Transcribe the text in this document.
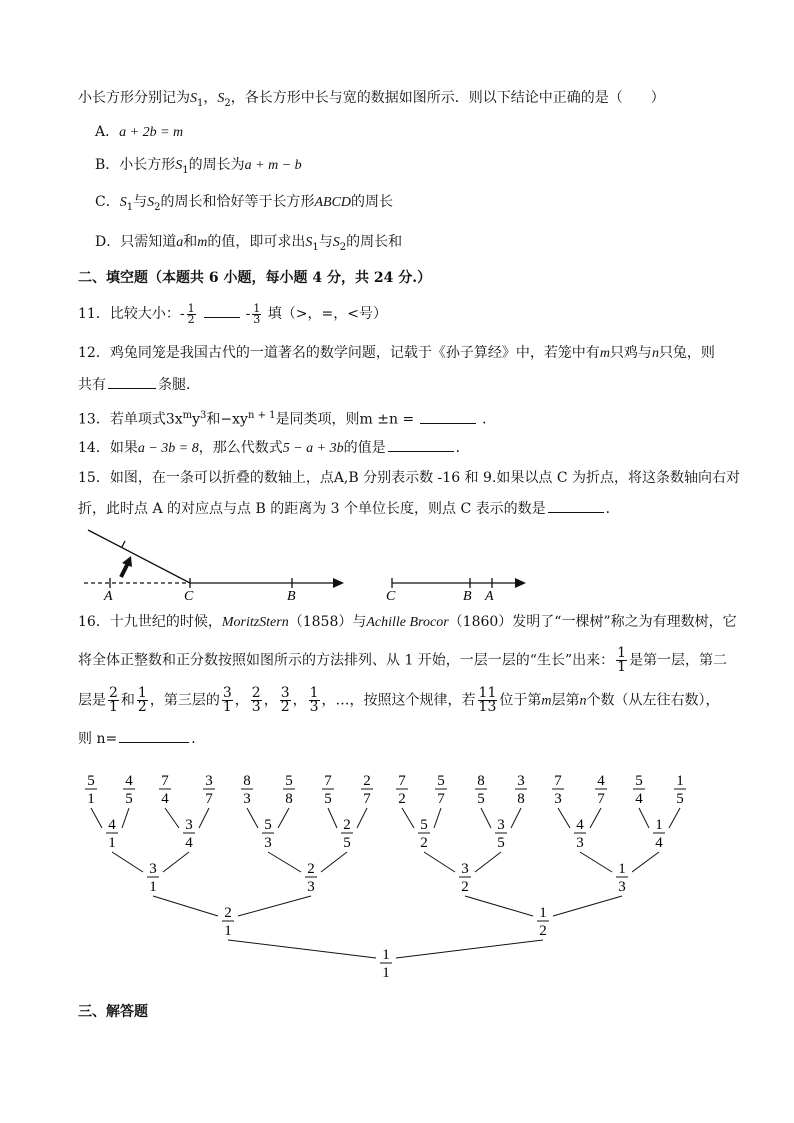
小长方形分别记为$S_1$，$S_2$，各长方形中长与宽的数据如图所示．则以下结论中正确的是（　　）
A．a + 2b = m
B．小长方形$S_1$的周长为a + m − b
C．$S_1$与$S_2$的周长和恰好等于长方形ABCD的周长
D．只需知道a和m的值，即可求出$S_1$与$S_2$的周长和
二、填空题（本题共 6 小题，每小题 4 分，共 24 分.）
11．比较大小：- $\frac{1}{2}$	- $\frac{1}{3}$ 填（>，=，<号）
12．鸡兔同笼是我国古代的一道著名的数学问题，记载于《孙子算经》中，若笼中有m只鸡与n只兔，则
共有	条腿．
13．若单项式$3x^my^3$和$-xy^{n + 1}$是同类项，则m ±n =	．
14．如果a − 3b = 8，那么代数式5 − a + 3b的值是	．
15．如图，在一条可以折叠的数轴上，点A,B 分别表示数 -16 和 9.如果以点 C 为折点，将这条数轴向右对
折，此时点 A 的对应点与点 B 的距离为 3 个单位长度，则点 C 表示的数是	．
A	C	B	C	B A
16．十九世纪的时候，MoritzStern（1858）与Achille Brocor（1860）发明了“一棵树”称之为有理数树，它
将全体正整数和正分数按照如图所示的方法排列、从 1 开始，一层一层的“生长”出来： $\frac{1}{1}$ 是第一层，第二
层是 $\frac{2}{1}$ 和 $\frac{1}{2}$ ，第三层的 $\frac{3}{1}$ ， $\frac{2}{3}$ ， $\frac{3}{2}$ ， $\frac{1}{3}$ ，…，按照这个规律，若 $\frac{11}{13}$ 位于第m层第n个数（从左往右数），
则 n=	．
5
1
4
5
7
4
3
7
8
3
5
8
7
5
2
7
7
2
5
7
8
5
3
8
7
3
4
7
5
4
1
5
4
1
3
4
5
3
2
5
5
2
3
5
4
3
1
4
3
1
2
3
3
2
1
3
2
1
1
2
1
1
三、解答题
